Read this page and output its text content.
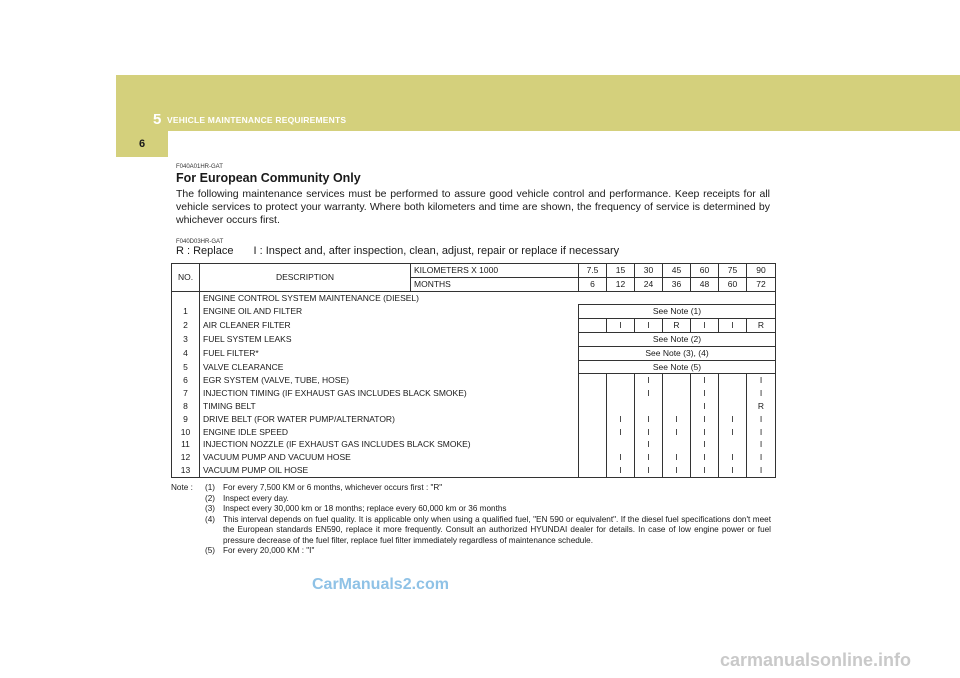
5 VEHICLE MAINTENANCE REQUIREMENTS
6
F040A01HR-GAT
For European Community Only
The following maintenance services must be performed to assure good vehicle control and performance. Keep receipts for all vehicle services to protect your warranty. Where both kilometers and time are shown, the frequency of service is determined by whichever occurs first.
F040D03HR-GAT
R : Replace I : Inspect and, after inspection, clean, adjust, repair or replace if necessary
NO.	DESCRIPTION	KILOMETERS X 1000	7.5	15	30	45	60	75	90
		MONTHS	6	12	24	36	48	60	72
	ENGINE CONTROL SYSTEM MAINTENANCE (DIESEL)								
1	ENGINE OIL AND FILTER		See Note (1)						
2	AIR CLEANER FILTER			I	I	R	I	I	R
3	FUEL SYSTEM LEAKS		See Note (2)						
4	FUEL FILTER*		See Note (3), (4)						
5	VALVE CLEARANCE		See Note (5)						
6	EGR SYSTEM (VALVE, TUBE, HOSE)				I		I		I
7	INJECTION TIMING (IF EXHAUST GAS INCLUDES BLACK SMOKE)				I		I		I
8	TIMING BELT						I		R
9	DRIVE BELT (FOR WATER PUMP/ALTERNATOR)			I	I	I	I	I	I
10	ENGINE IDLE SPEED			I	I	I	I	I	I
11	INJECTION NOZZLE (IF EXHAUST GAS INCLUDES BLACK SMOKE)				I		I		I
12	VACUUM PUMP AND VACUUM HOSE			I	I	I	I	I	I
13	VACUUM PUMP OIL HOSE			I	I	I	I	I	I
Note : (1) For every 7,500 KM or 6 months, whichever occurs first : "R"
(2) Inspect every day.
(3) Inspect every 30,000 km or 18 months; replace every 60,000 km or 36 months
(4) This interval depends on fuel quality. It is applicable only when using a qualified fuel, "EN 590 or equivalent". If the diesel fuel specifications don't meet the European standards EN590, replace it more frequently. Consult an authorized HYUNDAI dealer for details. In case of low engine power or fuel pressure decrease of the fuel filter, replace fuel filter immediately regardless of maintenance schedule.
(5) For every 20,000 KM : "I"
CarManuals2.com
carmanualsonline.info
